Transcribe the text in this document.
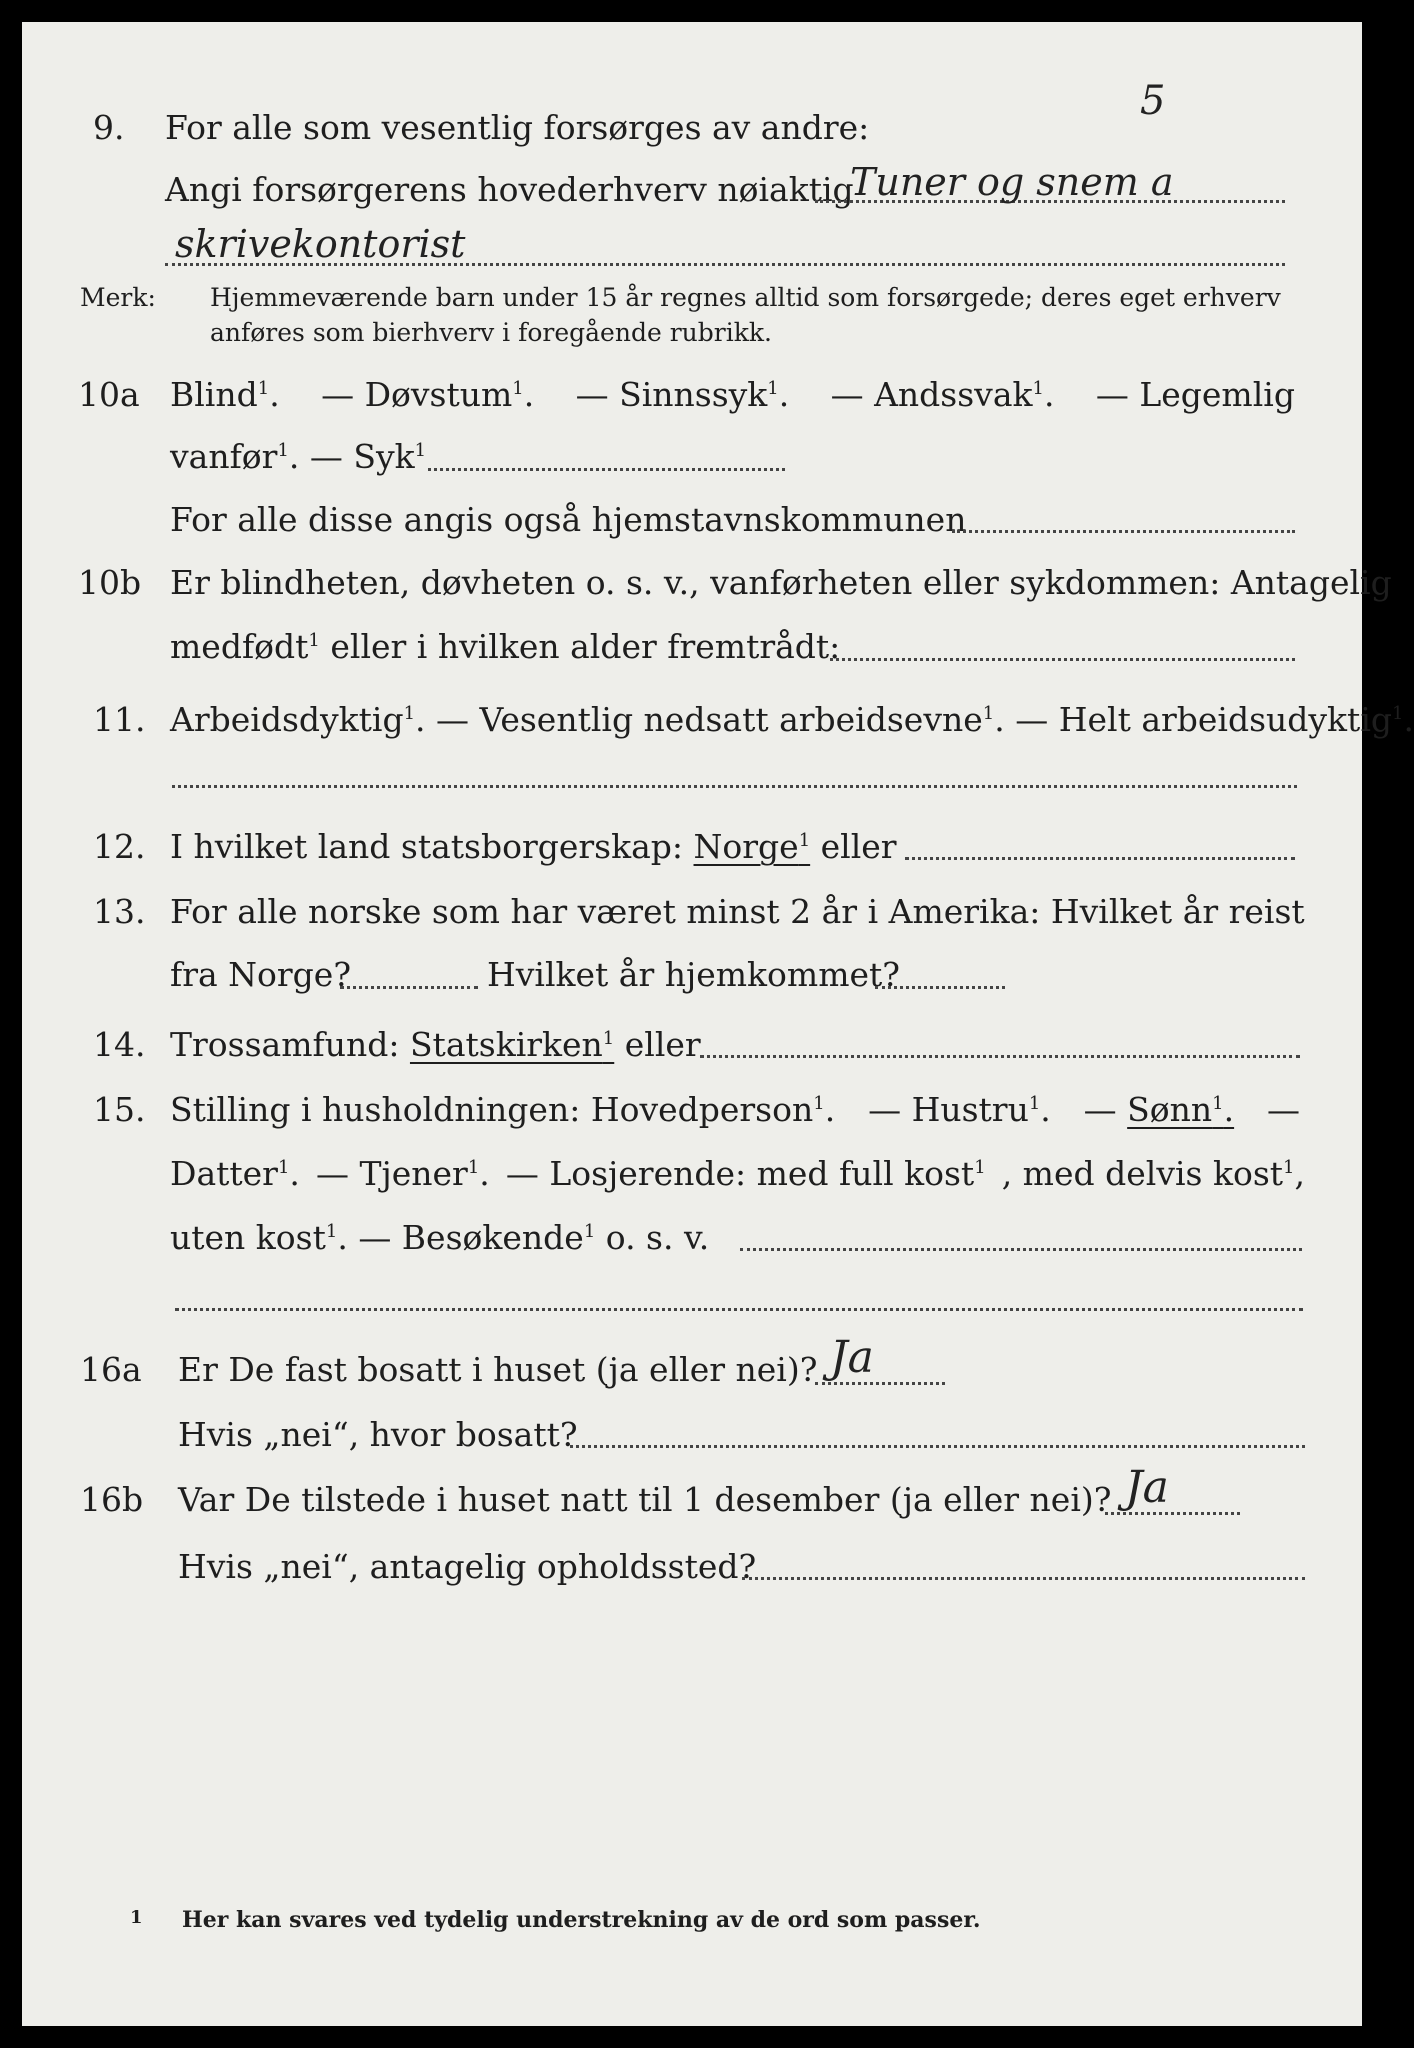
5
9. For alle som vesentlig forsørges av andre:
Angi forsørgerens hovederhverv nøiaktig
Tuner og snem a
skrivekontorist
Merk: Hjemmeværende barn under 15 år regnes alltid som forsørgede; deres eget erhverv
anføres som bierhverv i foregående rubrikk.
10a Blind$^1$. — Døvstum$^1$. — Sinnssyk$^1$. — Andssvak$^1$. — Legemlig
vanfør$^1$. — Syk$^1$
For alle disse angis også hjemstavnskommunen
10b Er blindheten, døvheten o. s. v., vanførheten eller sykdommen: Antagelig
medfødt$^1$ eller i hvilken alder fremtrådt:
11. Arbeidsdyktig$^1$. — Vesentlig nedsatt arbeidsevne$^1$. — Helt arbeidsudyktig$^1$.
12. I hvilket land statsborgerskap: Norge$^1$ eller
13. For alle norske som har været minst 2 år i Amerika: Hvilket år reist
fra Norge?	Hvilket år hjemkommet?
14. Trossamfund: Statskirken$^1$ eller
15. Stilling i husholdningen: Hovedperson$^1$. — Hustru$^1$. — Sønn$^1$. —
Datter$^1$. — Tjener$^1$. — Losjerende: med full kost$^1$ , med delvis kost$^1$,
uten kost$^1$. — Besøkende$^1$ o. s. v.
16a Er De fast bosatt i huset (ja eller nei)? Ja
Hvis „nei“, hvor bosatt?
16b Var De tilstede i huset natt til 1 desember (ja eller nei)? Ja
Hvis „nei“, antagelig opholdssted?
1 Her kan svares ved tydelig understrekning av de ord som passer.
